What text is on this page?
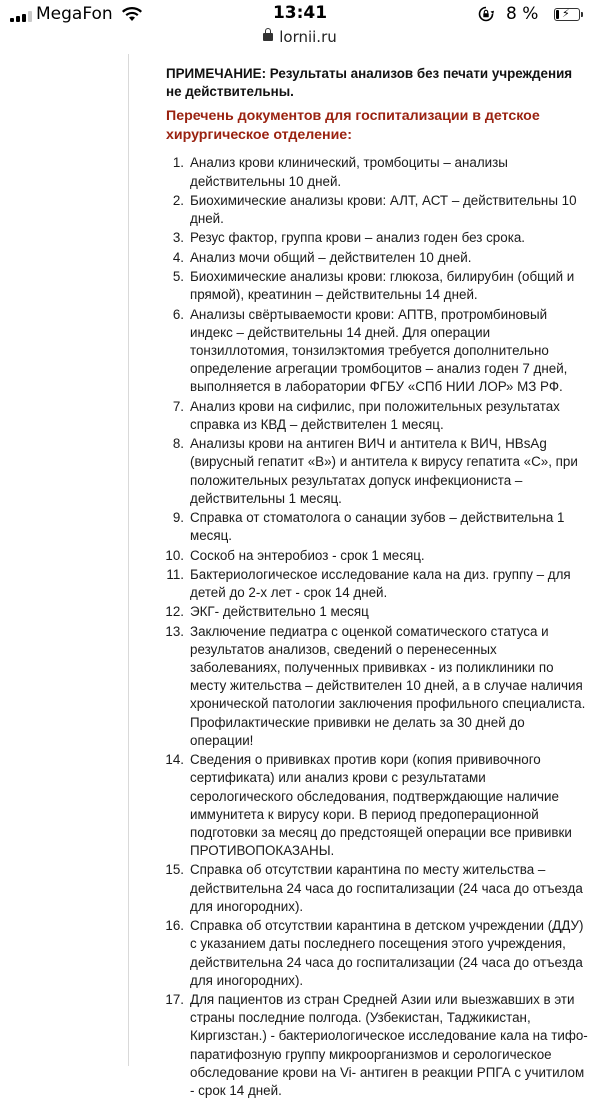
MegaFon	13:41	8 % ⚡
lornii.ru

ПРИМЕЧАНИЕ: Результаты анализов без печати учреждения не действительны.

Перечень документов для госпитализации в детское хирургическое отделение:

1. Анализ крови клинический, тромбоциты – анализы действительны 10 дней.
2. Биохимические анализы крови: АЛТ, АСТ – действительны 10 дней.
3. Резус фактор, группа крови – анализ годен без срока.
4. Анализ мочи общий – действителен 10 дней.
5. Биохимические анализы крови: глюкоза, билирубин (общий и прямой), креатинин – действительны 14 дней.
6. Анализы свёртываемости крови: АПТВ, протромбиновый индекс – действительны 14 дней. Для операции тонзиллотомия, тонзилэктомия требуется дополнительно определение агрегации тромбоцитов – анализ годен 7 дней, выполняется в лаборатории ФГБУ «СПб НИИ ЛОР» МЗ РФ.
7. Анализ крови на сифилис, при положительных результатах справка из КВД – действителен 1 месяц.
8. Анализы крови на антиген ВИЧ и антитела к ВИЧ, HBsAg (вирусный гепатит «В») и антитела к вирусу гепатита «С», при положительных результатах допуск инфекциониста – действительны 1 месяц.
9. Справка от стоматолога о санации зубов – действительна 1 месяц.
10. Соскоб на энтеробиоз - срок 1 месяц.
11. Бактериологическое исследование кала на диз. группу – для детей до 2-х лет - срок 14 дней.
12. ЭКГ- действительно 1 месяц
13. Заключение педиатра с оценкой соматического статуса и результатов анализов, сведений о перенесенных заболеваниях, полученных прививках - из поликлиники по месту жительства – действителен 10 дней, а в случае наличия хронической патологии заключения профильного специалиста. Профилактические прививки не делать за 30 дней до операции!
14. Сведения о прививках против кори (копия прививочного сертификата) или анализ крови с результатами серологического обследования, подтверждающие наличие иммунитета к вирусу кори. В период предоперационной подготовки за месяц до предстоящей операции все прививки ПРОТИВОПОКАЗАНЫ.
15. Справка об отсутствии карантина по месту жительства – действительна 24 часа до госпитализации (24 часа до отъезда для иногородних).
16. Справка об отсутствии карантина в детском учреждении (ДДУ) с указанием даты последнего посещения этого учреждения, действительна 24 часа до госпитализации (24 часа до отъезда для иногородних).
17. Для пациентов из стран Средней Азии или выезжавших в эти страны последние полгода. (Узбекистан, Таджикистан, Киргизстан.) - бактериологическое исследование кала на тифо-паратифозную группу микроорганизмов и серологическое обследование крови на Vi- антиген в реакции РПГА с учитилом - срок 14 дней.
